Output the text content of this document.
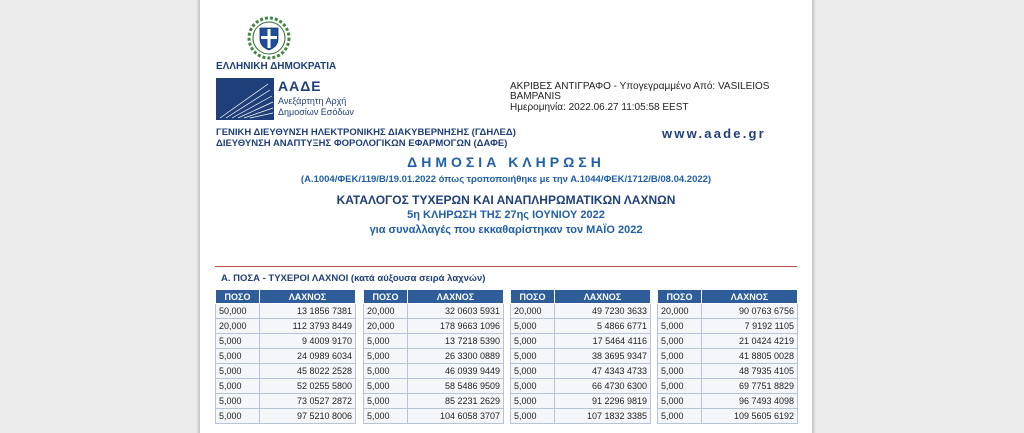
ΕΛΛΗΝΙΚΗ ΔΗΜΟΚΡΑΤΙΑ
ΑΑΔΕ
Ανεξάρτητη Αρχή
Δημοσίων Εσόδων
ΑΚΡΙΒΕΣ ΑΝΤΙΓΡΑΦΟ - Υπογεγραμμένο Από: VASILEIOS
BAMPANIS
Ημερομηνία: 2022.06.27 11:05:58 EEST
ΓΕΝΙΚΗ ΔΙΕΥΘΥΝΣΗ ΗΛΕΚΤΡΟΝΙΚΗΣ ΔΙΑΚΥΒΕΡΝΗΣΗΣ (ΓΔΗΛΕΔ)
ΔΙΕΥΘΥΝΣΗ ΑΝΑΠΤΥΞΗΣ ΦΟΡΟΛΟΓΙΚΩΝ ΕΦΑΡΜΟΓΩΝ (ΔΑΦΕ)
www.aade.gr
ΔΗΜΟΣΙΑ ΚΛΗΡΩΣΗ
(Α.1004/ΦΕΚ/119/Β/19.01.2022 όπως τροποποιήθηκε με την Α.1044/ΦΕΚ/1712/Β/08.04.2022)
ΚΑΤΑΛΟΓΟΣ ΤΥΧΕΡΩΝ ΚΑΙ ΑΝΑΠΛΗΡΩΜΑΤΙΚΩΝ ΛΑΧΝΩΝ
5η ΚΛΗΡΩΣΗ ΤΗΣ 27ης ΙΟΥΝΙΟΥ 2022
για συναλλαγές που εκκαθαρίστηκαν τον ΜΑΪΟ 2022
Α. ΠΟΣΑ - ΤΥΧΕΡΟΙ ΛΑΧΝΟΙ (κατά αύξουσα σειρά λαχνών)
ΠΟΣΟ	ΛΑΧΝΟΣ
50,000	13 1856 7381
20,000	112 3793 8449
5,000	9 4009 9170
5,000	24 0989 6034
5,000	45 8022 2528
5,000	52 0255 5800
5,000	73 0527 2872
5,000	97 5210 8006
ΠΟΣΟ	ΛΑΧΝΟΣ
20,000	32 0603 5931
20,000	178 9663 1096
5,000	13 7218 5390
5,000	26 3300 0889
5,000	46 0939 9449
5,000	58 5486 9509
5,000	85 2231 2629
5,000	104 6058 3707
ΠΟΣΟ	ΛΑΧΝΟΣ
20,000	49 7230 3633
5,000	5 4866 6771
5,000	17 5464 4116
5,000	38 3695 9347
5,000	47 4343 4733
5,000	66 4730 6300
5,000	91 2296 9819
5,000	107 1832 3385
ΠΟΣΟ	ΛΑΧΝΟΣ
20,000	90 0763 6756
5,000	7 9192 1105
5,000	21 0424 4219
5,000	41 8805 0028
5,000	48 7935 4105
5,000	69 7751 8829
5,000	96 7493 4098
5,000	109 5605 6192
